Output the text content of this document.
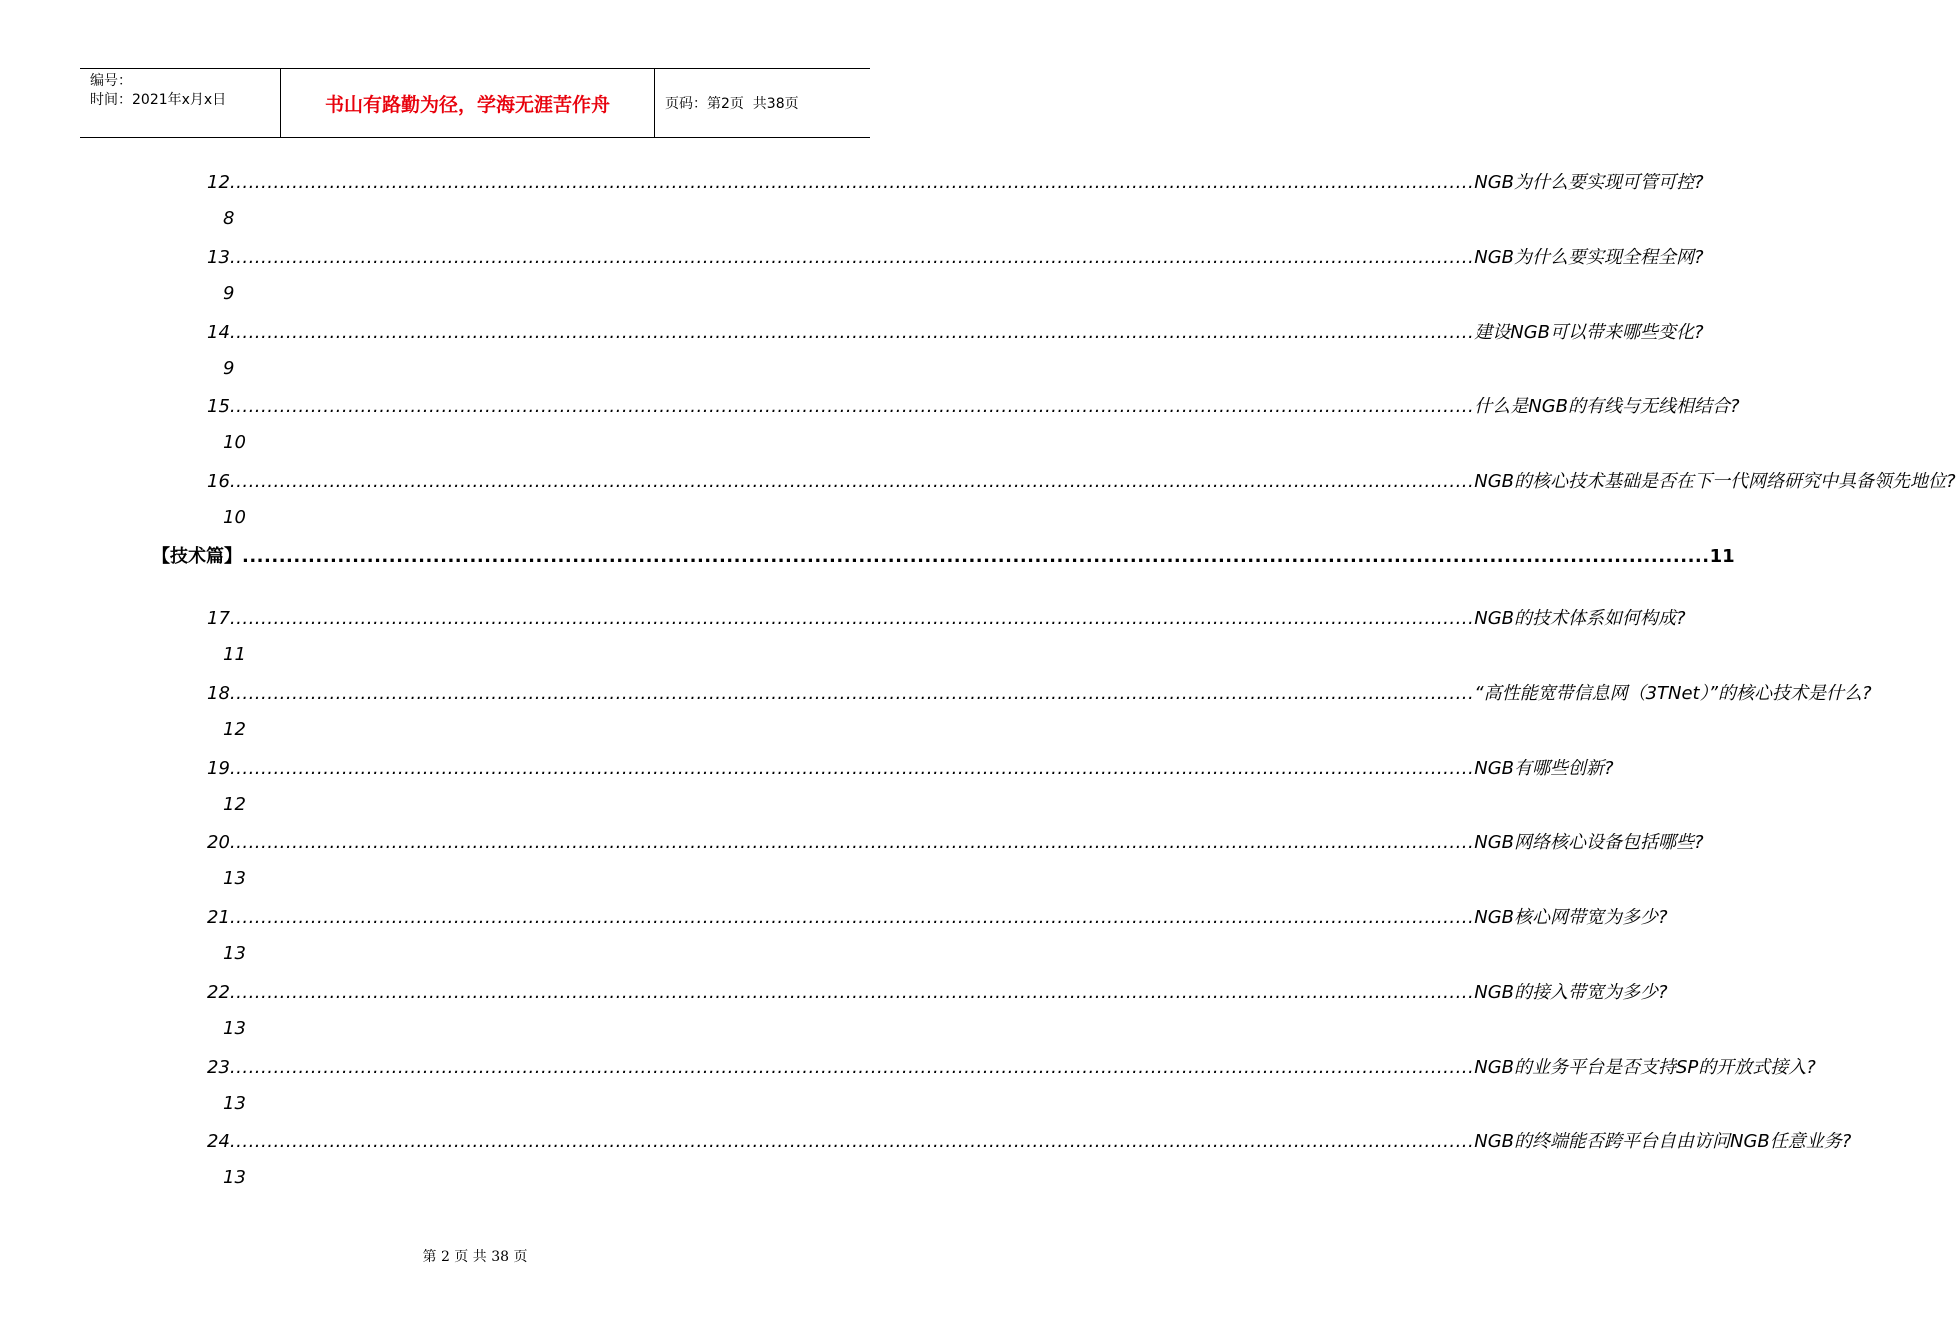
编号：
时间：2021年x月x日	书山有路勤为径，学海无涯苦作舟	页码：第2页  共38页
12 ........................................................................................................................................................................................................ NGB为什么要实现可管可控?
8
13 ........................................................................................................................................................................................................ NGB为什么要实现全程全网?
9
14 ........................................................................................................................................................................................................ 建设NGB可以带来哪些变化?
9
15 ........................................................................................................................................................................................................ 什么是NGB的有线与无线相结合?
10
16 ........................................................................................................................................................................................................ NGB的核心技术基础是否在下一代网络研究中具备领先地位?
10
【技术篇】 ........................................................................................................................................................................................................ 11
17 ........................................................................................................................................................................................................ NGB的技术体系如何构成?
11
18 ........................................................................................................................................................................................................ “高性能宽带信息网（3TNet）”的核心技术是什么?
12
19 ........................................................................................................................................................................................................ NGB有哪些创新?
12
20 ........................................................................................................................................................................................................ NGB网络核心设备包括哪些?
13
21 ........................................................................................................................................................................................................ NGB核心网带宽为多少?
13
22 ........................................................................................................................................................................................................ NGB的接入带宽为多少?
13
23 ........................................................................................................................................................................................................ NGB的业务平台是否支持SP的开放式接入?
13
24 ........................................................................................................................................................................................................ NGB的终端能否跨平台自由访问NGB任意业务?
13
第 2 页 共 38 页
